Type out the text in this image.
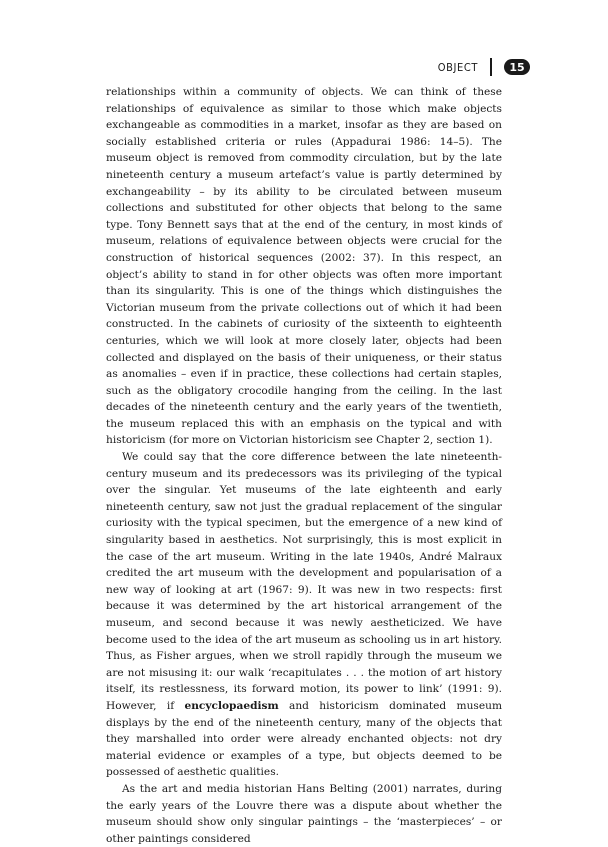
OBJECT	15

relationships within a community of objects. We can think of these relationships of equivalence as similar to those which make objects exchangeable as commodities in a market, insofar as they are based on socially established criteria or rules (Appadurai 1986: 14–5). The museum object is removed from commodity circulation, but by the late nineteenth century a museum artefact’s value is partly determined by exchangeability – by its ability to be circulated between museum collections and substituted for other objects that belong to the same type. Tony Bennett says that at the end of the century, in most kinds of museum, relations of equivalence between objects were crucial for the construction of historical sequences (2002: 37). In this respect, an object’s ability to stand in for other objects was often more important than its singularity. This is one of the things which distinguishes the Victorian museum from the private collections out of which it had been constructed. In the cabinets of curiosity of the sixteenth to eighteenth centuries, which we will look at more closely later, objects had been collected and displayed on the basis of their uniqueness, or their status as anomalies – even if in practice, these collections had certain staples, such as the obligatory crocodile hanging from the ceiling. In the last decades of the nineteenth century and the early years of the twentieth, the museum replaced this with an emphasis on the typical and with historicism (for more on Victorian historicism see Chapter 2, section 1).

We could say that the core difference between the late nineteenth-century museum and its predecessors was its privileging of the typical over the singular. Yet museums of the late eighteenth and early nineteenth century, saw not just the gradual replacement of the singular curiosity with the typical specimen, but the emergence of a new kind of singularity based in aesthetics. Not surprisingly, this is most explicit in the case of the art museum. Writing in the late 1940s, André Malraux credited the art museum with the development and popularisation of a new way of looking at art (1967: 9). It was new in two respects: first because it was determined by the art historical arrangement of the museum, and second because it was newly aestheticized. We have become used to the idea of the art museum as schooling us in art history. Thus, as Fisher argues, when we stroll rapidly through the museum we are not misusing it: our walk ‘recapitulates . . . the motion of art history itself, its restlessness, its forward motion, its power to link’ (1991: 9). However, if encyclopaedism and historicism dominated museum displays by the end of the nineteenth century, many of the objects that they marshalled into order were already enchanted objects: not dry material evidence or examples of a type, but objects deemed to be possessed of aesthetic qualities.

As the art and media historian Hans Belting (2001) narrates, during the early years of the Louvre there was a dispute about whether the museum should show only singular paintings – the ‘masterpieces’ – or other paintings considered
